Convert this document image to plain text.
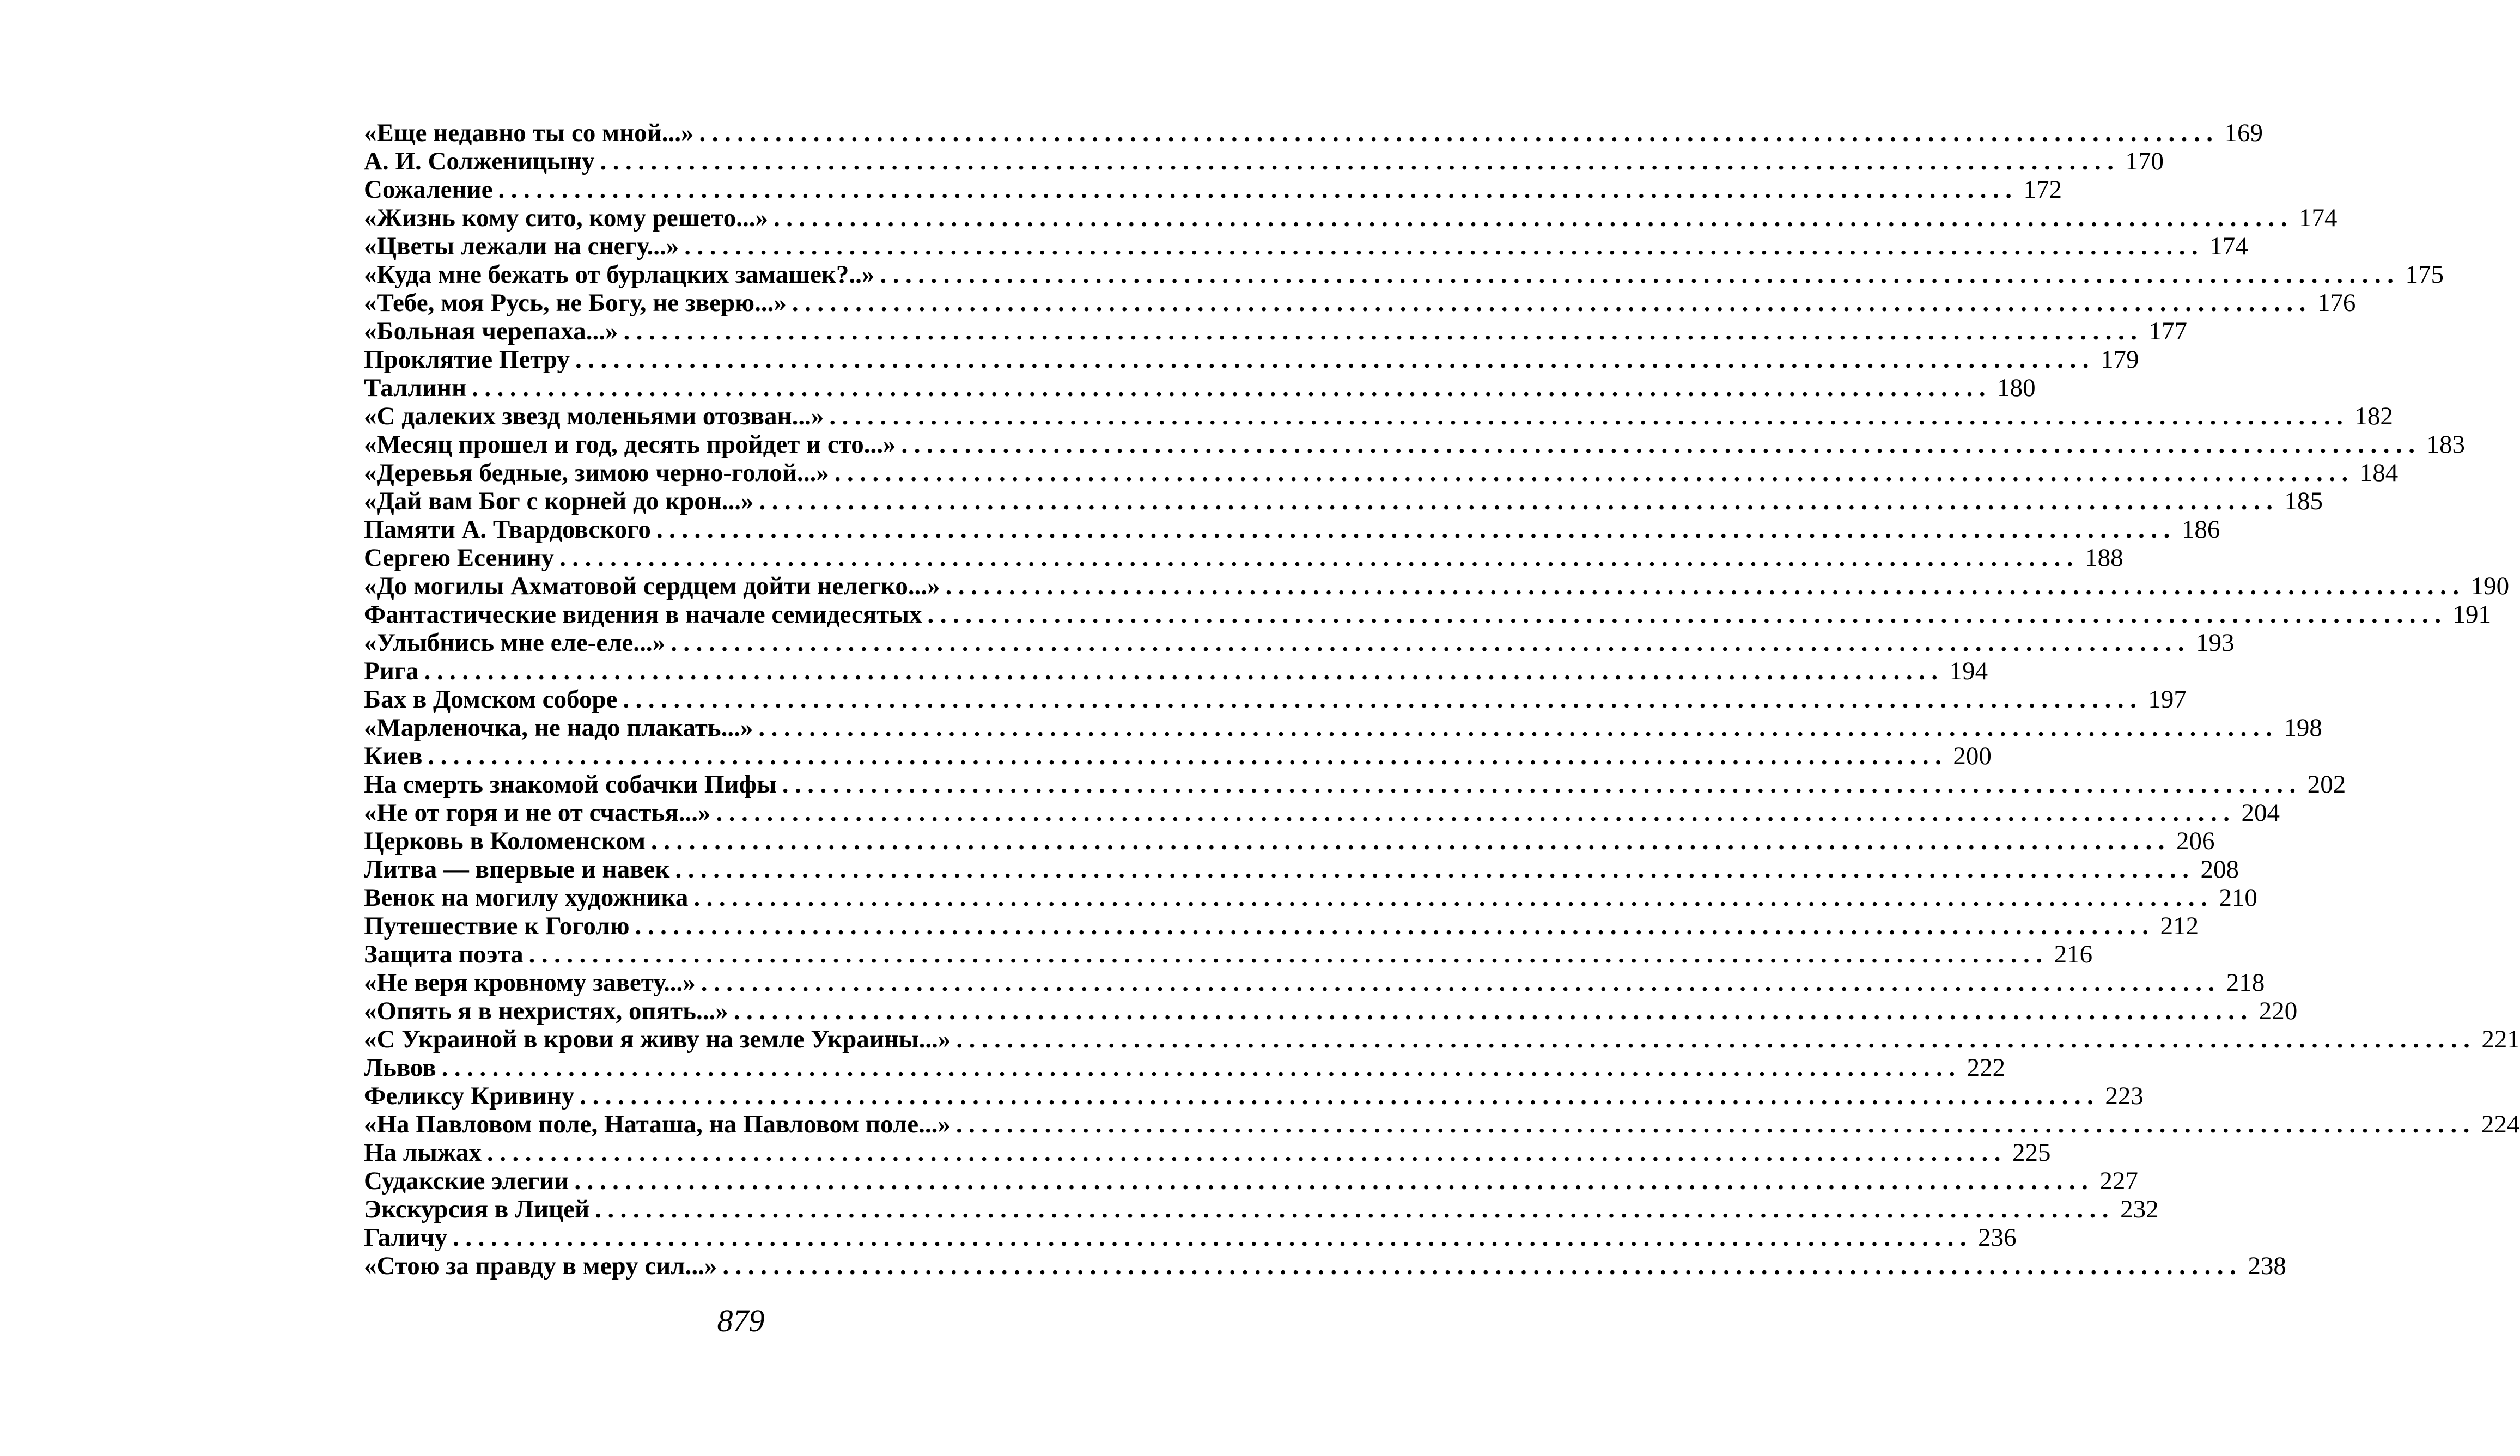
«Еще недавно ты со мной...» ........................................................................................................................ 169
А. И. Солженицыну ........................................................................................................................ 170
Сожаление ........................................................................................................................ 172
«Жизнь кому сито, кому решето...» ........................................................................................................................ 174
«Цветы лежали на снегу...» ........................................................................................................................ 174
«Куда мне бежать от бурлацких замашек?..» ........................................................................................................................ 175
«Тебе, моя Русь, не Богу, не зверю...» ........................................................................................................................ 176
«Больная черепаха...» ........................................................................................................................ 177
Проклятие Петру ........................................................................................................................ 179
Таллинн ........................................................................................................................ 180
«С далеких звезд моленьями отозван...» ........................................................................................................................ 182
«Месяц прошел и год, десять пройдет и сто...» ........................................................................................................................ 183
«Деревья бедные, зимою черно-голой...» ........................................................................................................................ 184
«Дай вам Бог с корней до крон...» ........................................................................................................................ 185
Памяти А. Твардовского ........................................................................................................................ 186
Сергею Есенину ........................................................................................................................ 188
«До могилы Ахматовой сердцем дойти нелегко...» ........................................................................................................................ 190
Фантастические видения в начале семидесятых ........................................................................................................................ 191
«Улыбнись мне еле-еле...» ........................................................................................................................ 193
Рига ........................................................................................................................ 194
Бах в Домском соборе ........................................................................................................................ 197
«Марленочка, не надо плакать...» ........................................................................................................................ 198
Киев ........................................................................................................................ 200
На смерть знакомой собачки Пифы ........................................................................................................................ 202
«Не от горя и не от счастья...» ........................................................................................................................ 204
Церковь в Коломенском ........................................................................................................................ 206
Литва — впервые и навек ........................................................................................................................ 208
Венок на могилу художника ........................................................................................................................ 210
Путешествие к Гоголю ........................................................................................................................ 212
Защита поэта ........................................................................................................................ 216
«Не веря кровному завету...» ........................................................................................................................ 218
«Опять я в нехристях, опять...» ........................................................................................................................ 220
«С Украиной в крови я живу на земле Украины...» ........................................................................................................................ 221
Львов ........................................................................................................................ 222
Феликсу Кривину ........................................................................................................................ 223
«На Павловом поле, Наташа, на Павловом поле...» ........................................................................................................................ 224
На лыжах ........................................................................................................................ 225
Судакские элегии ........................................................................................................................ 227
Экскурсия в Лицей ........................................................................................................................ 232
Галичу ........................................................................................................................ 236
«Стою за правду в меру сил...» ........................................................................................................................ 238
879
